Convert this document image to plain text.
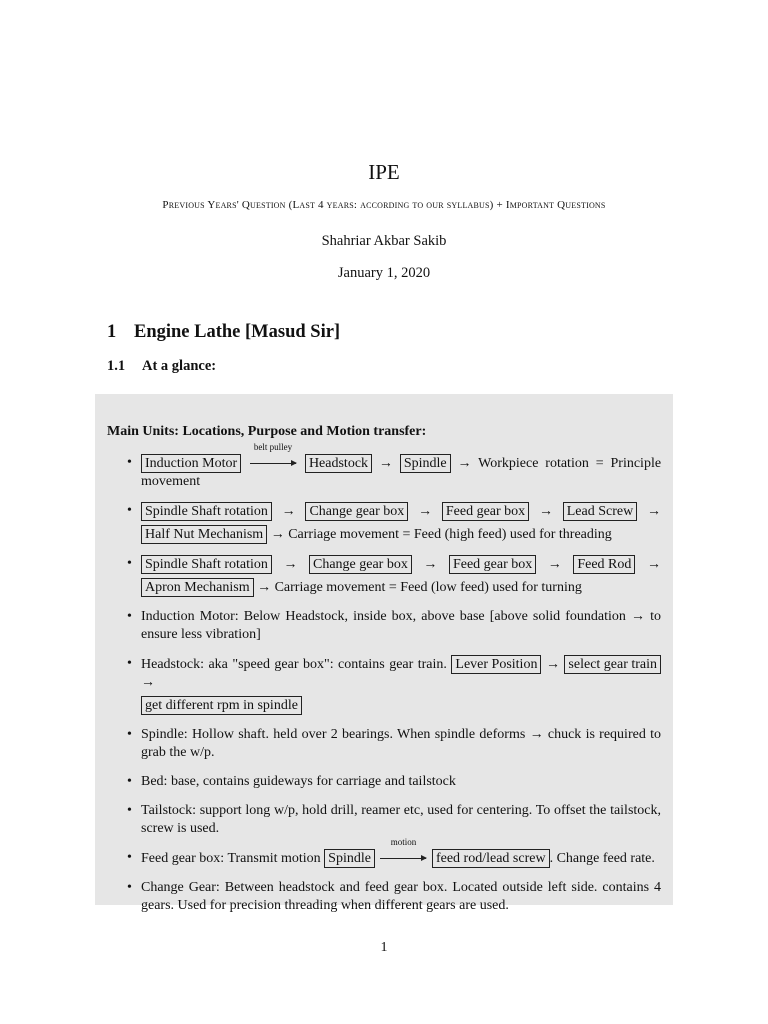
IPE
Previous Years' Question (Last 4 years: according to our syllabus) + Important Questions
Shahriar Akbar Sakib
January 1, 2020
1 Engine Lathe [Masud Sir]
1.1 At a glance:
Main Units: Locations, Purpose and Motion transfer:
• Induction Motor
belt pulley
Headstock → Spindle → Workpiece rotation = Principle movement
• Spindle Shaft rotation → Change gear box → Feed gear box → Lead Screw →
Half Nut Mechanism → Carriage movement = Feed (high feed) used for threading
• Spindle Shaft rotation → Change gear box → Feed gear box → Feed Rod →
Apron Mechanism → Carriage movement = Feed (low feed) used for turning
• Induction Motor: Below Headstock, inside box, above base [above solid foundation → to ensure less vibration]
• Headstock: aka "speed gear box": contains gear train. Lever Position → select gear train →
get different rpm in spindle
• Spindle: Hollow shaft. held over 2 bearings. When spindle deforms → chuck is required to grab the w/p.
• Bed: base, contains guideways for carriage and tailstock
• Tailstock: support long w/p, hold drill, reamer etc, used for centering. To offset the tailstock, screw is used.
• Feed gear box: Transmit motion Spindle
motion
feed rod/lead screw . Change feed rate.
• Change Gear: Between headstock and feed gear box. Located outside left side. contains 4 gears. Used for precision threading when different gears are used.
1
